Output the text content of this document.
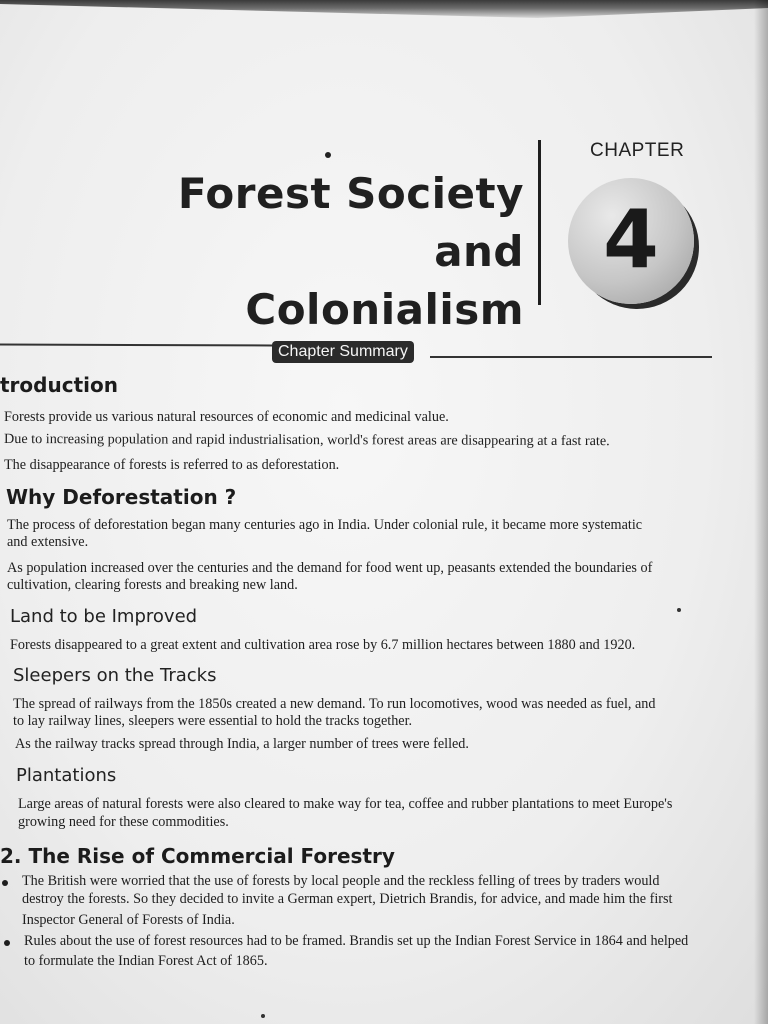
Forest Society and
Colonialism
CHAPTER
4
Chapter Summary
troduction
Forests provide us various natural resources of economic and medicinal value.
Due to increasing population and rapid industrialisation, world's forest areas are disappearing at a fast rate.
The disappearance of forests is referred to as deforestation.
Why Deforestation ?
The process of deforestation began many centuries ago in India. Under colonial rule, it became more systematic
and extensive.
As population increased over the centuries and the demand for food went up, peasants extended the boundaries of
cultivation, clearing forests and breaking new land.
Land to be Improved
Forests disappeared to a great extent and cultivation area rose by 6.7 million hectares between 1880 and 1920.
Sleepers on the Tracks
The spread of railways from the 1850s created a new demand. To run locomotives, wood was needed as fuel, and
to lay railway lines, sleepers were essential to hold the tracks together.
As the railway tracks spread through India, a larger number of trees were felled.
Plantations
Large areas of natural forests were also cleared to make way for tea, coffee and rubber plantations to meet Europe's
growing need for these commodities.
2. The Rise of Commercial Forestry
The British were worried that the use of forests by local people and the reckless felling of trees by traders would
destroy the forests. So they decided to invite a German expert, Dietrich Brandis, for advice, and made him the first
Inspector General of Forests of India.
Rules about the use of forest resources had to be framed. Brandis set up the Indian Forest Service in 1864 and helped
to formulate the Indian Forest Act of 1865.
